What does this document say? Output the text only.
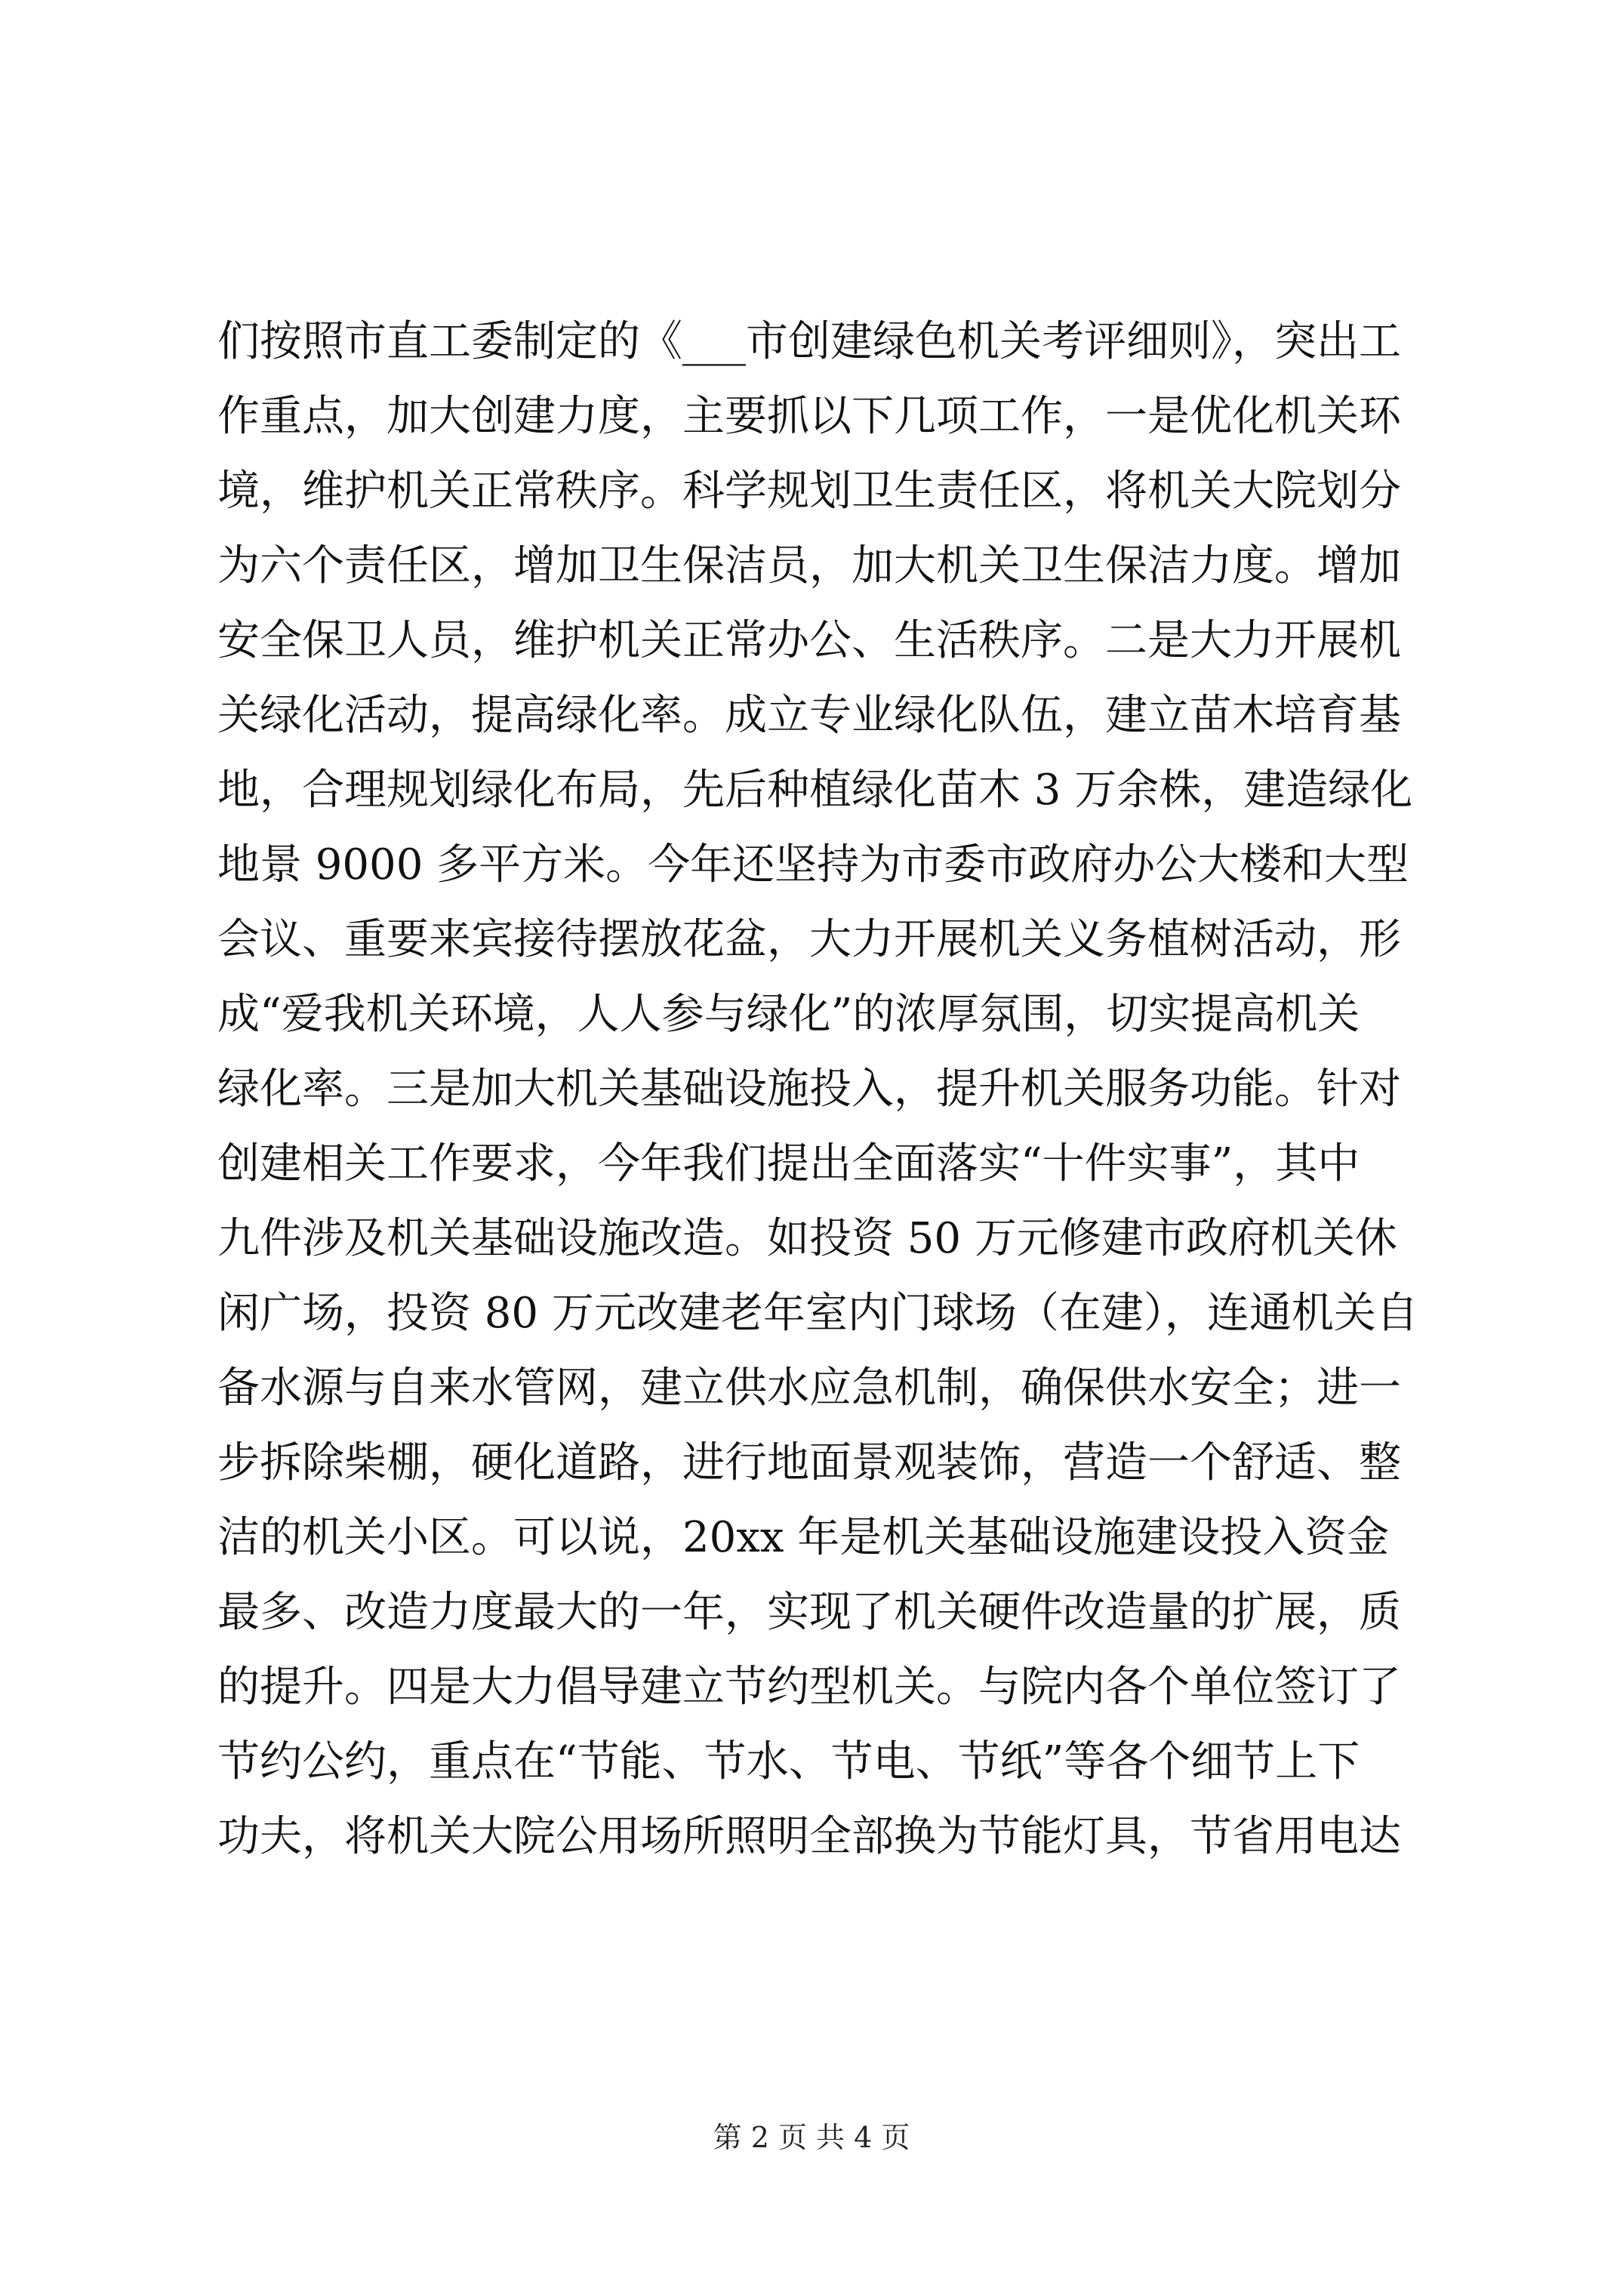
们按照市直工委制定的《___市创建绿色机关考评细则》，突出工
作重点，加大创建力度，主要抓以下几项工作，一是优化机关环
境，维护机关正常秩序。科学规划卫生责任区，将机关大院划分
为六个责任区，增加卫生保洁员，加大机关卫生保洁力度。增加
安全保卫人员，维护机关正常办公、生活秩序。二是大力开展机
关绿化活动，提高绿化率。成立专业绿化队伍，建立苗木培育基
地，合理规划绿化布局，先后种植绿化苗木 3 万余株，建造绿化
地景 9000 多平方米。今年还坚持为市委市政府办公大楼和大型
会议、重要来宾接待摆放花盆，大力开展机关义务植树活动，形
成“爱我机关环境，人人参与绿化”的浓厚氛围，切实提高机关
绿化率。三是加大机关基础设施投入，提升机关服务功能。针对
创建相关工作要求，今年我们提出全面落实“十件实事”，其中
九件涉及机关基础设施改造。如投资 50 万元修建市政府机关休
闲广场，投资 80 万元改建老年室内门球场（在建），连通机关自
备水源与自来水管网，建立供水应急机制，确保供水安全；进一
步拆除柴棚，硬化道路，进行地面景观装饰，营造一个舒适、整
洁的机关小区。可以说，20xx 年是机关基础设施建设投入资金
最多、改造力度最大的一年，实现了机关硬件改造量的扩展，质
的提升。四是大力倡导建立节约型机关。与院内各个单位签订了
节约公约，重点在“节能、节水、节电、节纸”等各个细节上下
功夫，将机关大院公用场所照明全部换为节能灯具，节省用电达
第 2 页 共 4 页
